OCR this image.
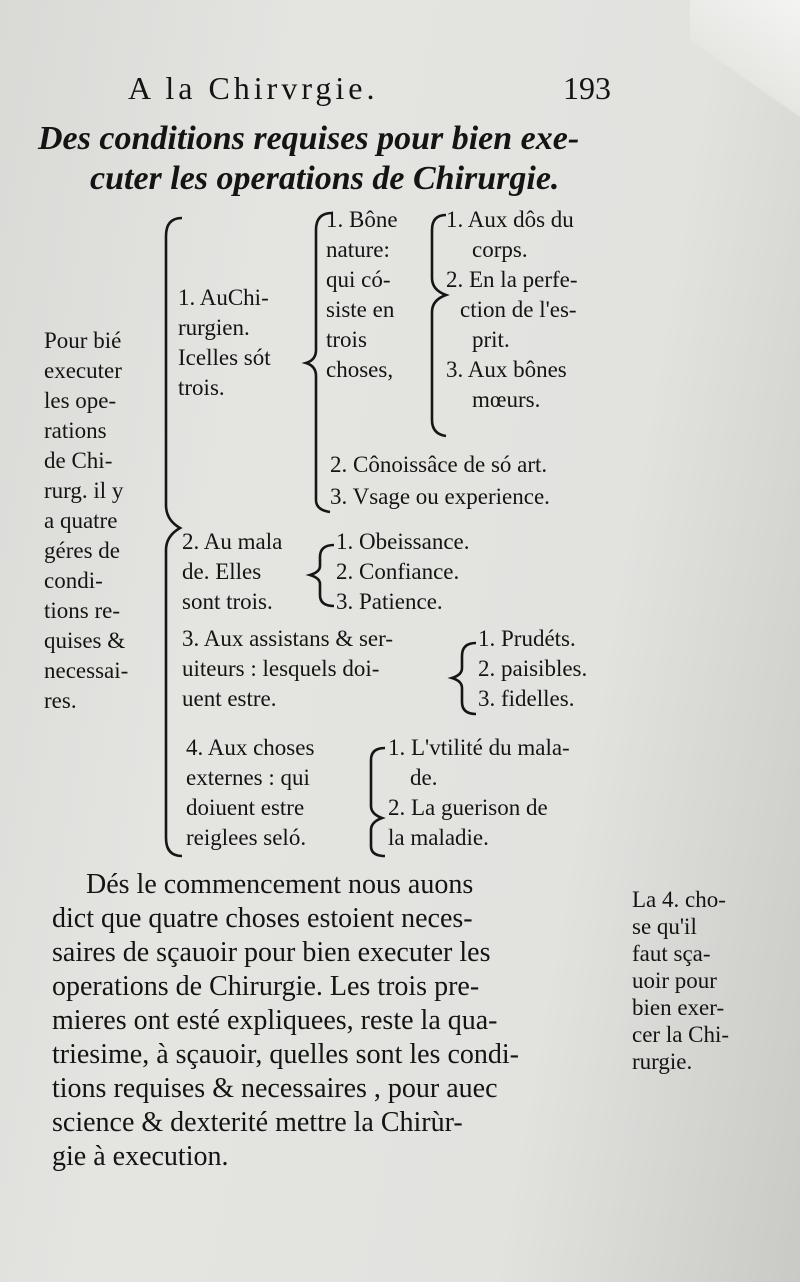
A la Chirvrgie.	193
Des conditions requises pour bien exe-
cuter les operations de Chirurgie.
Pour bié
executer
les ope-
rations
de Chi-
rurg. il y
a quatre
géres de
condi-
tions re-
quises &
necessai-
res.
1. AuChi-
rurgien.
Icelles sót
trois.
1. Bône
nature:
qui có-
siste en
trois
choses,
1. Aux dôs du
corps.
2. En la perfe-
ction de l'es-
prit.
3. Aux bônes
mœurs.
2. Cônoissâce de só art.
3. Vsage ou experience.
2. Au mala
de. Elles
sont trois.
1. Obeissance.
2. Confiance.
3. Patience.
3. Aux assistans & ser-
uiteurs : lesquels doi-
uent estre.
1. Prudéts.
2. paisibles.
3. fidelles.
4. Aux choses
externes : qui
doiuent estre
reiglees seló.
1. L'vtilité du mala-
de.
2. La guerison de
la maladie.
Dés le commencement nous auons
dict que quatre choses estoient neces-
saires de sçauoir pour bien executer les
operations de Chirurgie. Les trois pre-
mieres ont esté expliquees, reste la qua-
triesime, à sçauoir, quelles sont les condi-
tions requises & necessaires , pour auec
science & dexterité mettre la Chirùr-
gie à execution.
La 4. cho-
se qu'il
faut sça-
uoir pour
bien exer-
cer la Chi-
rurgie.
